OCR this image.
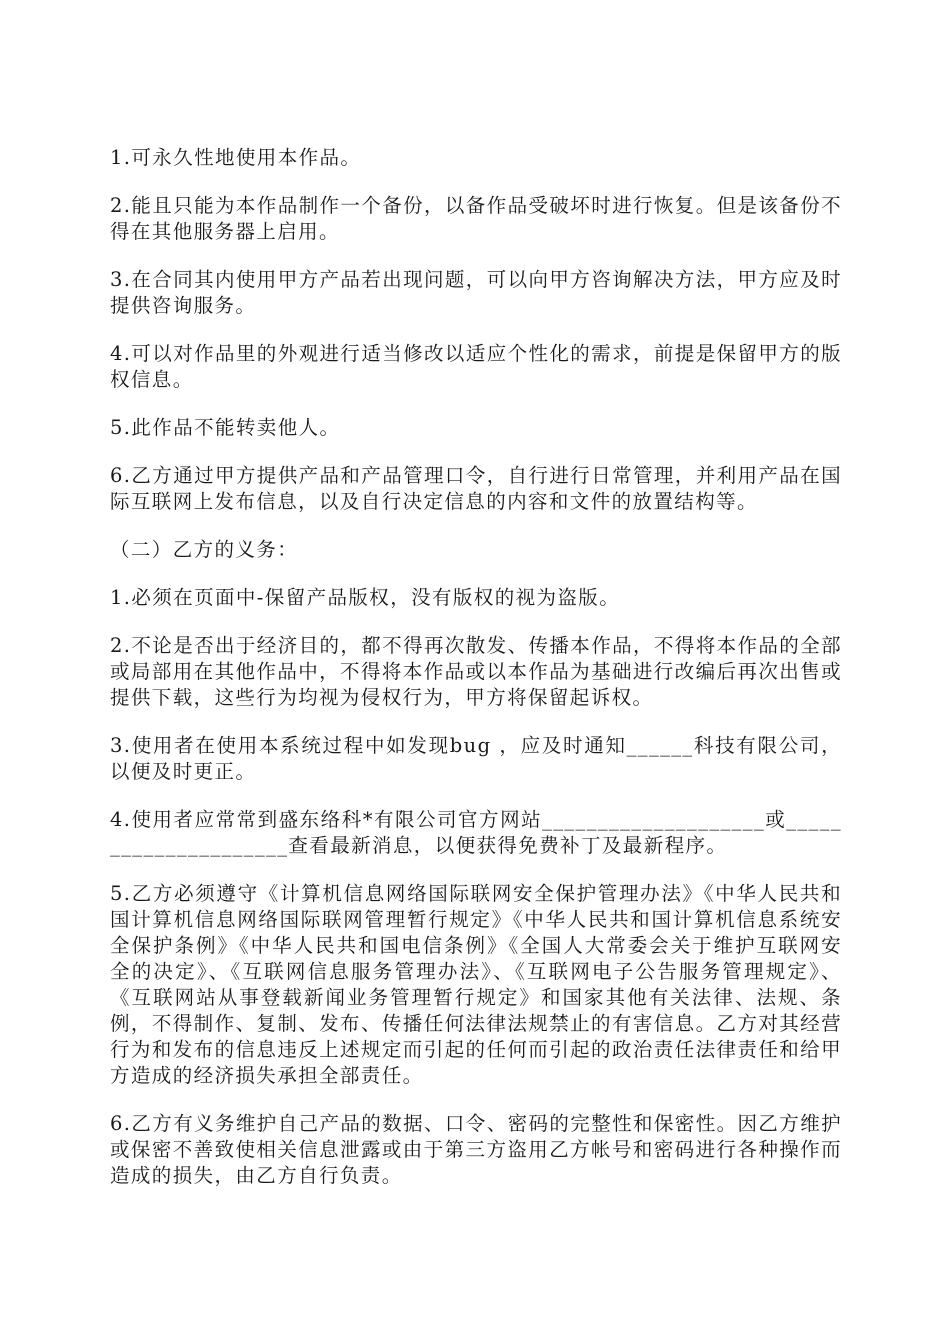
1.可永久性地使用本作品。

2.能且只能为本作品制作一个备份，以备作品受破坏时进行恢复。但是该备份不得在其他服务器上启用。

3.在合同其内使用甲方产品若出现问题，可以向甲方咨询解决方法，甲方应及时提供咨询服务。

4.可以对作品里的外观进行适当修改以适应个性化的需求，前提是保留甲方的版权信息。

5.此作品不能转卖他人。

6.乙方通过甲方提供产品和产品管理口令，自行进行日常管理，并利用产品在国际互联网上发布信息，以及自行决定信息的内容和文件的放置结构等。

（二）乙方的义务：

1.必须在页面中-保留产品版权，没有版权的视为盗版。

2.不论是否出于经济目的，都不得再次散发、传播本作品，不得将本作品的全部或局部用在其他作品中，不得将本作品或以本作品为基础进行改编后再次出售或提供下载，这些行为均视为侵权行为，甲方将保留起诉权。

3.使用者在使用本系统过程中如发现bug ，应及时通知______科技有限公司，以便及时更正。

4.使用者应常常到盛东络科*有限公司官方网站____________________或_____________________查看最新消息，以便获得免费补丁及最新程序。

5.乙方必须遵守《计算机信息网络国际联网安全保护管理办法》《中华人民共和国计算机信息网络国际联网管理暂行规定》《中华人民共和国计算机信息系统安全保护条例》《中华人民共和国电信条例》《全国人大常委会关于维护互联网安全的决定》、《互联网信息服务管理办法》、《互联网电子公告服务管理规定》、《互联网站从事登载新闻业务管理暂行规定》和国家其他有关法律、法规、条例，不得制作、复制、发布、传播任何法律法规禁止的有害信息。乙方对其经营行为和发布的信息违反上述规定而引起的任何而引起的政治责任法律责任和给甲方造成的经济损失承担全部责任。

6.乙方有义务维护自己产品的数据、口令、密码的完整性和保密性。因乙方维护或保密不善致使相关信息泄露或由于第三方盗用乙方帐号和密码进行各种操作而造成的损失，由乙方自行负责。
